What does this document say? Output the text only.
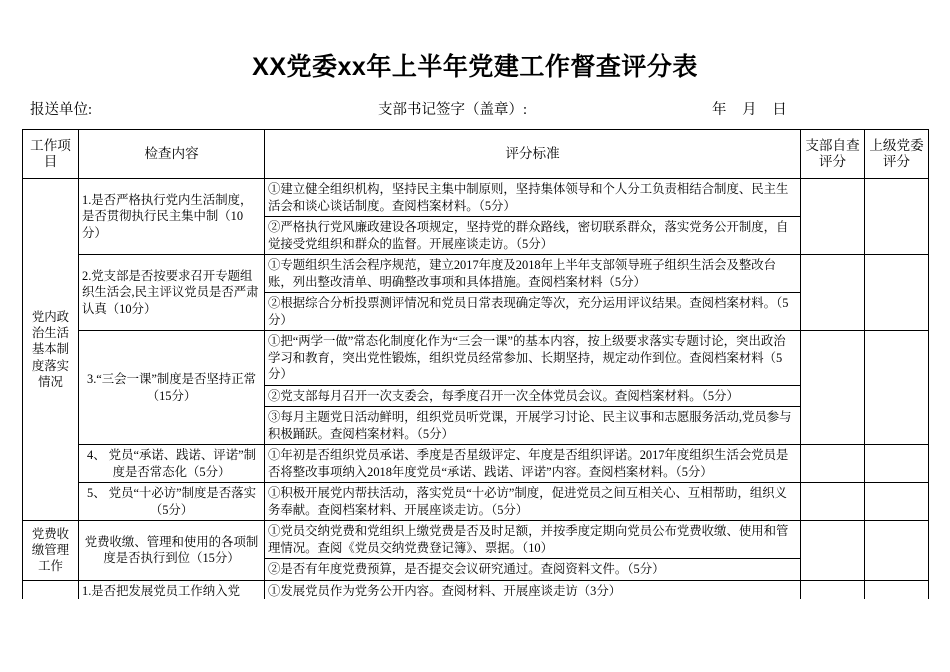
XX党委xx年上半年党建工作督查评分表
报送单位:	支部书记签字（盖章）:	年 月 日
工作项目	检查内容	评分标准	支部自查评分	上级党委评分
党内政治生活基本制度落实情况	1.是否严格执行党内生活制度，是否贯彻执行民主集中制（10分）	①建立健全组织机构，坚持民主集中制原则，坚持集体领导和个人分工负责相结合制度、民主生活会和谈心谈话制度。查阅档案材料。（5分）		
		②严格执行党风廉政建设各项规定，坚持党的群众路线，密切联系群众，落实党务公开制度，自觉接受党组织和群众的监督。开展座谈走访。（5分）		
	2.党支部是否按要求召开专题组织生活会,民主评议党员是否严肃认真（10分）	①专题组织生活会程序规范，建立2017年度及2018年上半年支部领导班子组织生活会及整改台账，列出整改清单、明确整改事项和具体措施。查阅档案材料（5分）		
		②根据综合分析投票测评情况和党员日常表现确定等次，充分运用评议结果。查阅档案材料。（5分）		
	3.“三会一课”制度是否坚持正常（15分）	①把“两学一做”常态化制度化作为“三会一课”的基本内容，按上级要求落实专题讨论，突出政治学习和教育，突出党性锻炼，组织党员经常参加、长期坚持，规定动作到位。查阅档案材料（5分）		
		②党支部每月召开一次支委会，每季度召开一次全体党员会议。查阅档案材料。（5分）		
		③每月主题党日活动鲜明，组织党员听党课，开展学习讨论、民主议事和志愿服务活动,党员参与积极踊跃。查阅档案材料。（5分）		
	4、 党员“承诺、践诺、评诺”制度是否常态化（5分）	①年初是否组织党员承诺、季度是否星级评定、年度是否组织评诺。2017年度组织生活会党员是否将整改事项纳入2018年度党员“承诺、践诺、评诺”内容。查阅档案材料。（5分）		
	5、 党员“十必访”制度是否落实（5分）	①积极开展党内帮扶活动，落实党员“十必访”制度，促进党员之间互相关心、互相帮助，组织义务奉献。查阅档案材料、开展座谈走访。（5分）		
党费收缴管理工作	党费收缴、管理和使用的各项制度是否执行到位（15分）	①党员交纳党费和党组织上缴党费是否及时足额，并按季度定期向党员公布党费收缴、使用和管理情况。查阅《党员交纳党费登记簿》、票据。（10）		
		②是否有年度党费预算，是否提交会议研究通过。查阅资料文件。（5分）		
	1.是否把发展党员工作纳入党	①发展党员作为党务公开内容。查阅材料、开展座谈走访（3分）		
